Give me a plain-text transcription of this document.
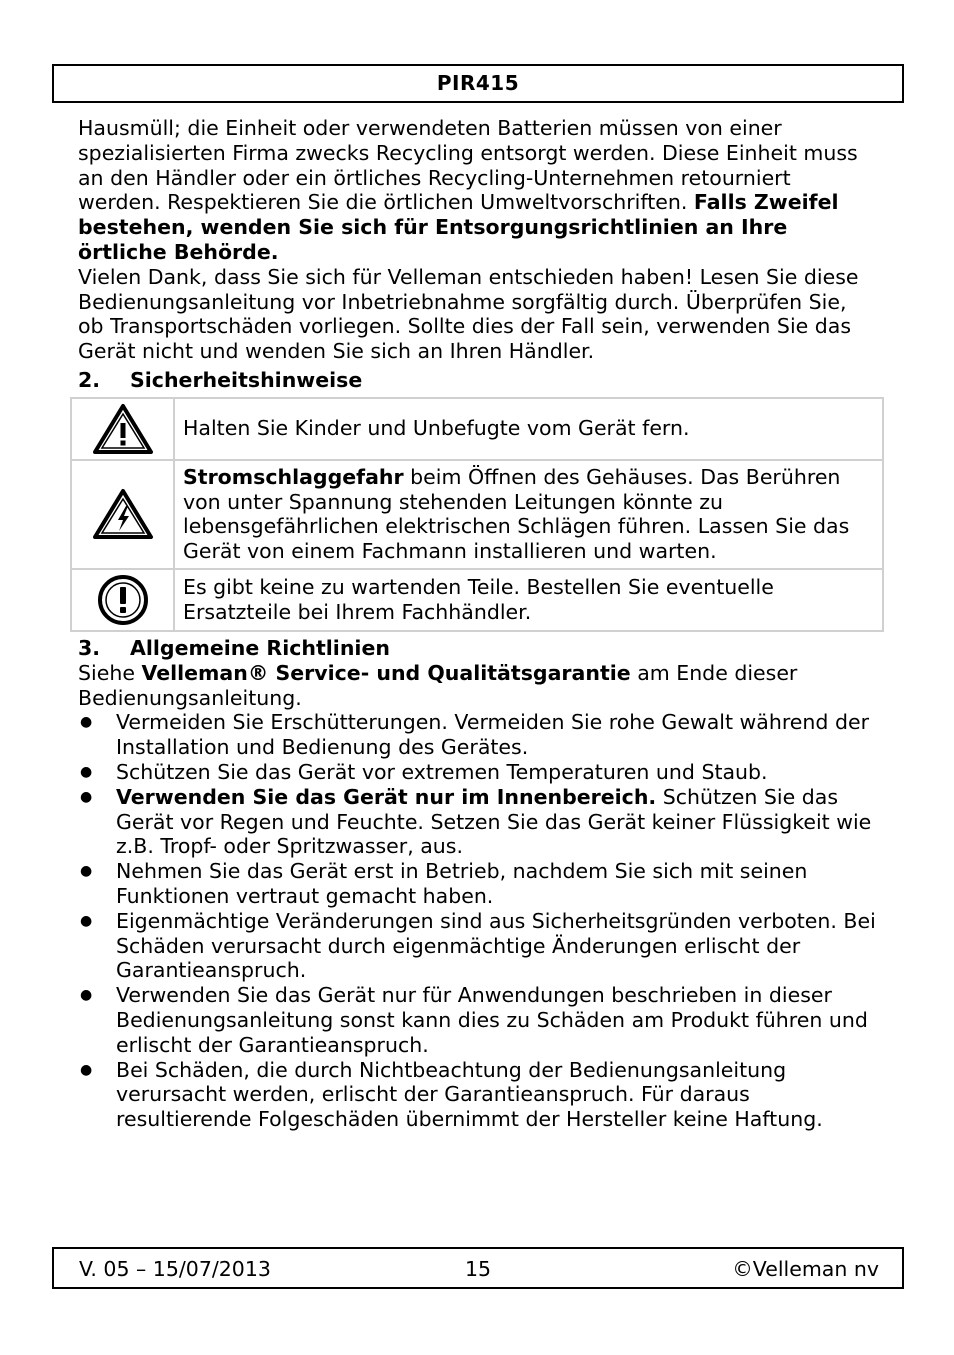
PIR415

Hausmüll; die Einheit oder verwendeten Batterien müssen von einer spezialisierten Firma zwecks Recycling entsorgt werden. Diese Einheit muss an den Händler oder ein örtliches Recycling-Unternehmen retourniert werden. Respektieren Sie die örtlichen Umweltvorschriften. Falls Zweifel bestehen, wenden Sie sich für Entsorgungsrichtlinien an Ihre örtliche Behörde.

Vielen Dank, dass Sie sich für Velleman entschieden haben! Lesen Sie diese Bedienungsanleitung vor Inbetriebnahme sorgfältig durch. Überprüfen Sie, ob Transportschäden vorliegen. Sollte dies der Fall sein, verwenden Sie das Gerät nicht und wenden Sie sich an Ihren Händler.

2. Sicherheitshinweise
	Halten Sie Kinder und Unbefugte vom Gerät fern.

	Stromschlaggefahr beim Öffnen des Gehäuses. Das Berühren von unter Spannung stehenden Leitungen könnte zu lebensgefährlichen elektrischen Schlägen führen. Lassen Sie das Gerät von einem Fachmann installieren und warten.

	Es gibt keine zu wartenden Teile. Bestellen Sie eventuelle Ersatzteile bei Ihrem Fachhändler.
3. Allgemeine Richtlinien

Siehe Velleman® Service- und Qualitätsgarantie am Ende dieser Bedienungsanleitung.

● Vermeiden Sie Erschütterungen. Vermeiden Sie rohe Gewalt während der Installation und Bedienung des Gerätes.
● Schützen Sie das Gerät vor extremen Temperaturen und Staub.
● Verwenden Sie das Gerät nur im Innenbereich. Schützen Sie das Gerät vor Regen und Feuchte. Setzen Sie das Gerät keiner Flüssigkeit wie z.B. Tropf- oder Spritzwasser, aus.
● Nehmen Sie das Gerät erst in Betrieb, nachdem Sie sich mit seinen Funktionen vertraut gemacht haben.
● Eigenmächtige Veränderungen sind aus Sicherheitsgründen verboten. Bei Schäden verursacht durch eigenmächtige Änderungen erlischt der Garantieanspruch.
● Verwenden Sie das Gerät nur für Anwendungen beschrieben in dieser Bedienungsanleitung sonst kann dies zu Schäden am Produkt führen und erlischt der Garantieanspruch.
● Bei Schäden, die durch Nichtbeachtung der Bedienungsanleitung verursacht werden, erlischt der Garantieanspruch. Für daraus resultierende Folgeschäden übernimmt der Hersteller keine Haftung.
V. 05 – 15/07/2013	15	©Velleman nv
